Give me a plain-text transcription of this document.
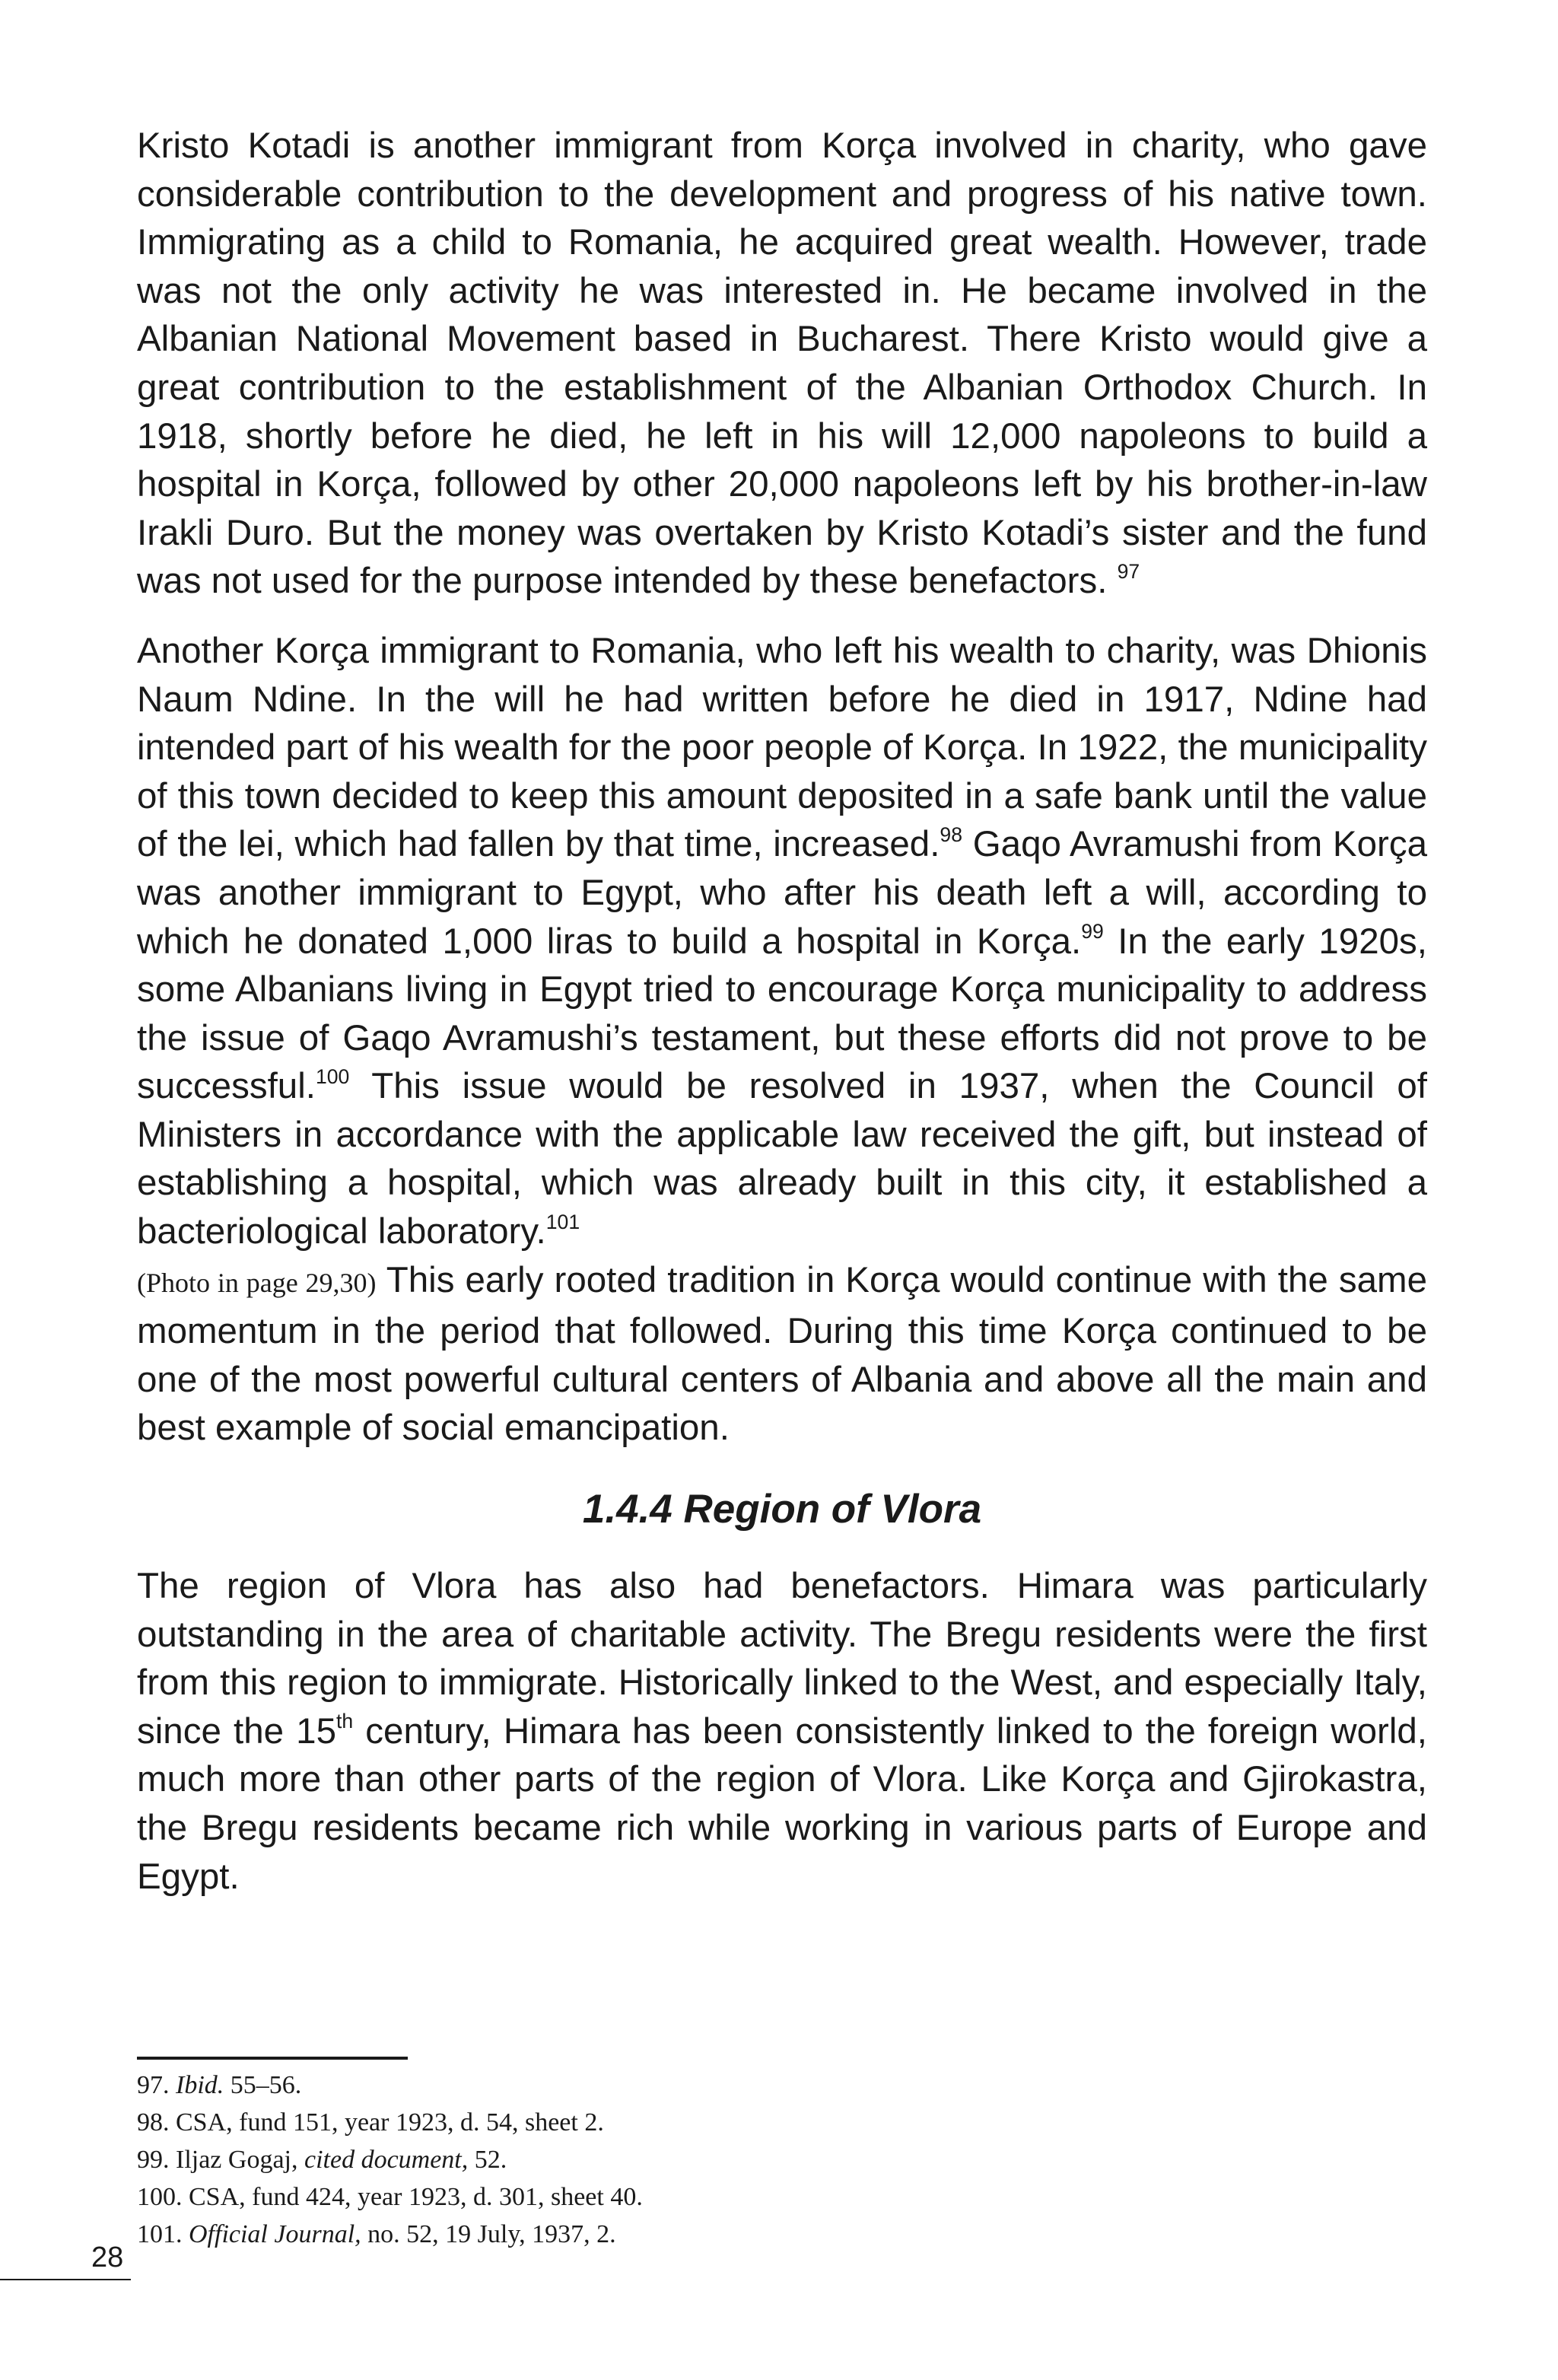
Kristo Kotadi is another immigrant from Korça involved in charity, who gave considerable contribution to the development and progress of his native town. Immigrating as a child to Romania, he acquired great wealth. However, trade was not the only activity he was interested in. He became involved in the Albanian National Movement based in Bucharest. There Kristo would give a great contribution to the establishment of the Albanian Orthodox Church. In 1918, shortly before he died, he left in his will 12,000 napoleons to build a hospital in Korça, followed by other 20,000 napoleons left by his brother-in-law Irakli Duro. But the money was overtaken by Kristo Kotadi’s sister and the fund was not used for the purpose intended by these benefactors. $^{97}$

Another Korça immigrant to Romania, who left his wealth to charity, was Dhionis Naum Ndine. In the will he had written before he died in 1917, Ndine had intended part of his wealth for the poor people of Korça. In 1922, the municipality of this town decided to keep this amount deposited in a safe bank until the value of the lei, which had fallen by that time, increased.$^{98}$ Gaqo Avramushi from Korça was another immigrant to Egypt, who after his death left a will, according to which he donated 1,000 liras to build a hospital in Korça.$^{99}$ In the early 1920s, some Albanians living in Egypt tried to encourage Korça municipality to address the issue of Gaqo Avramushi’s testament, but these efforts did not prove to be successful.$^{100}$ This issue would be resolved in 1937, when the Council of Ministers in accordance with the applicable law received the gift, but instead of establishing a hospital, which was already built in this city, it established a bacteriological laboratory.$^{101}$
(Photo in page 29,30) This early rooted tradition in Korça would continue with the same momentum in the period that followed. During this time Korça continued to be one of the most powerful cultural centers of Albania and above all the main and best example of social emancipation.

1.4.4 Region of Vlora

The region of Vlora has also had benefactors. Himara was particularly outstanding in the area of charitable activity. The Bregu residents were the first from this region to immigrate. Historically linked to the West, and especially Italy, since the 15th century, Himara has been consistently linked to the foreign world, much more than other parts of the region of Vlora. Like Korça and Gjirokastra, the Bregu residents became rich while working in various parts of Europe and Egypt.

97. Ibid. 55–56.

98. CSA, fund 151, year 1923, d. 54, sheet 2.

99. Iljaz Gogaj, cited document, 52.

100. CSA, fund 424, year 1923, d. 301, sheet 40.

101. Official Journal, no. 52, 19 July, 1937, 2.

28
